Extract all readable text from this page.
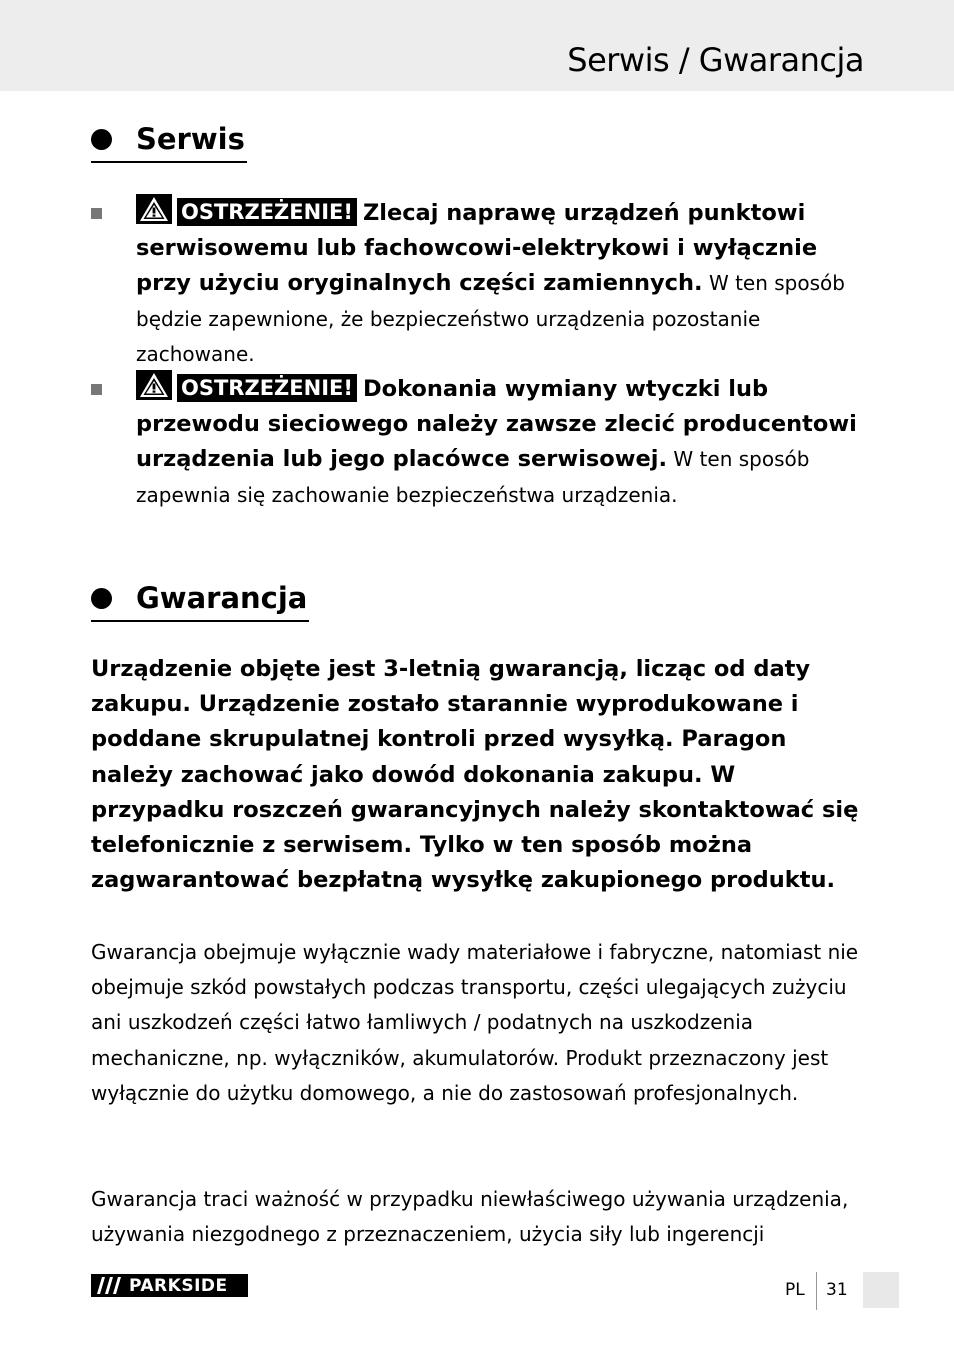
Serwis / Gwarancja
Serwis
OSTRZEŻENIE! Zlecaj naprawę urządzeń punktowi serwisowemu lub fachowcowi-elektrykowi i wyłącznie przy użyciu oryginalnych części zamiennych. W ten sposób będzie zapewnione, że bezpieczeństwo urządzenia pozostanie zachowane.
OSTRZEŻENIE! Dokonania wymiany wtyczki lub przewodu sieciowego należy zawsze zlecić producentowi urządzenia lub jego placówce serwisowej. W ten sposób zapewnia się zachowanie bezpieczeństwa urządzenia.
Gwarancja
Urządzenie objęte jest 3-letnią gwarancją, licząc od daty zakupu. Urządzenie zostało starannie wyprodukowane i poddane skrupulatnej kontroli przed wysyłką. Paragon należy zachować jako dowód dokonania zakupu. W przypadku roszczeń gwarancyjnych należy skontaktować się telefonicznie z serwisem. Tylko w ten sposób można zagwarantować bezpłatną wysyłkę zakupionego produktu.
Gwarancja obejmuje wyłącznie wady materiałowe i fabryczne, natomiast nie obejmuje szkód powstałych podczas transportu, części ulegających zużyciu ani uszkodzeń części łatwo łamliwych / podatnych na uszkodzenia mechaniczne, np. wyłączników, akumulatorów. Produkt przeznaczony jest wyłącznie do użytku domowego, a nie do zastosowań profesjonalnych.
Gwarancja traci ważność w przypadku niewłaściwego używania urządzenia, używania niezgodnego z przeznaczeniem, użycia siły lub ingerencji
PARKSIDE	PL 31
